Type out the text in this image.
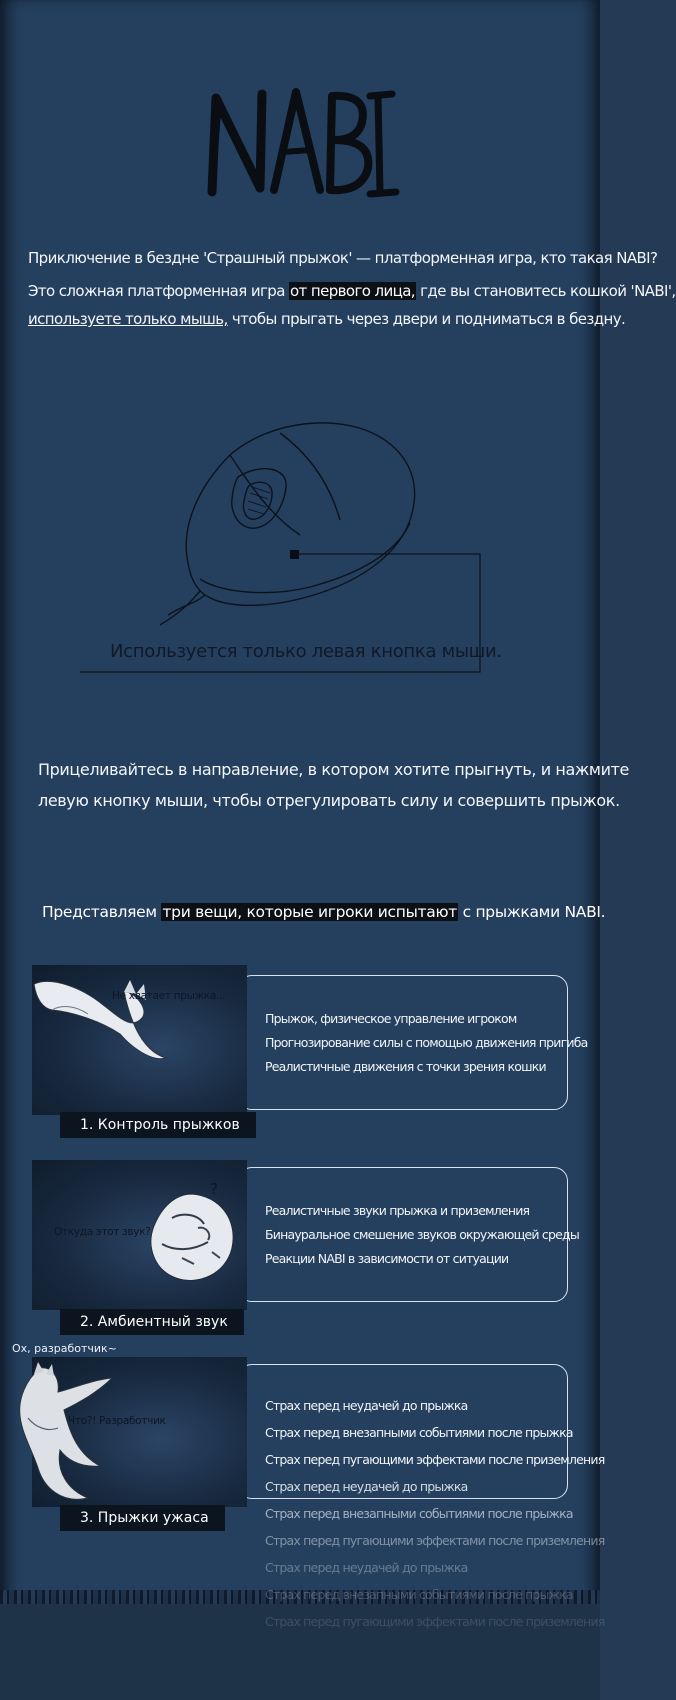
Приключение в бездне 'Страшный прыжок' — платформенная игра, кто такая NABI?
Это сложная платформенная игра от первого лица, где вы становитесь кошкой 'NABI',
используете только мышь, чтобы прыгать через двери и подниматься в бездну.
Используется только левая кнопка мыши.
Прицеливайтесь в направление, в котором хотите прыгнуть, и нажмите
левую кнопку мыши, чтобы отрегулировать силу и совершить прыжок.
Представляем три вещи, которые игроки испытают с прыжками NABI.
Не хватает прыжка...
1. Контроль прыжков
Прыжок, физическое управление игроком
Прогнозирование силы с помощью движения пригиба
Реалистичные движения с точки зрения кошки
?
Откуда этот звук?
2. Амбиентный звук
Реалистичные звуки прыжка и приземления
Бинауральное смешение звуков окружающей среды
Реакции NABI в зависимости от ситуации
Ох, разработчик~
Что?! Разработчик
3. Прыжки ужаса
Страх перед неудачей до прыжка
Страх перед внезапными событиями после прыжка
Страх перед пугающими эффектами после приземления
Страх перед неудачей до прыжка
Страх перед внезапными событиями после прыжка
Страх перед пугающими эффектами после приземления
Страх перед неудачей до прыжка
Страх перед внезапными событиями после прыжка
Страх перед пугающими эффектами после приземления
